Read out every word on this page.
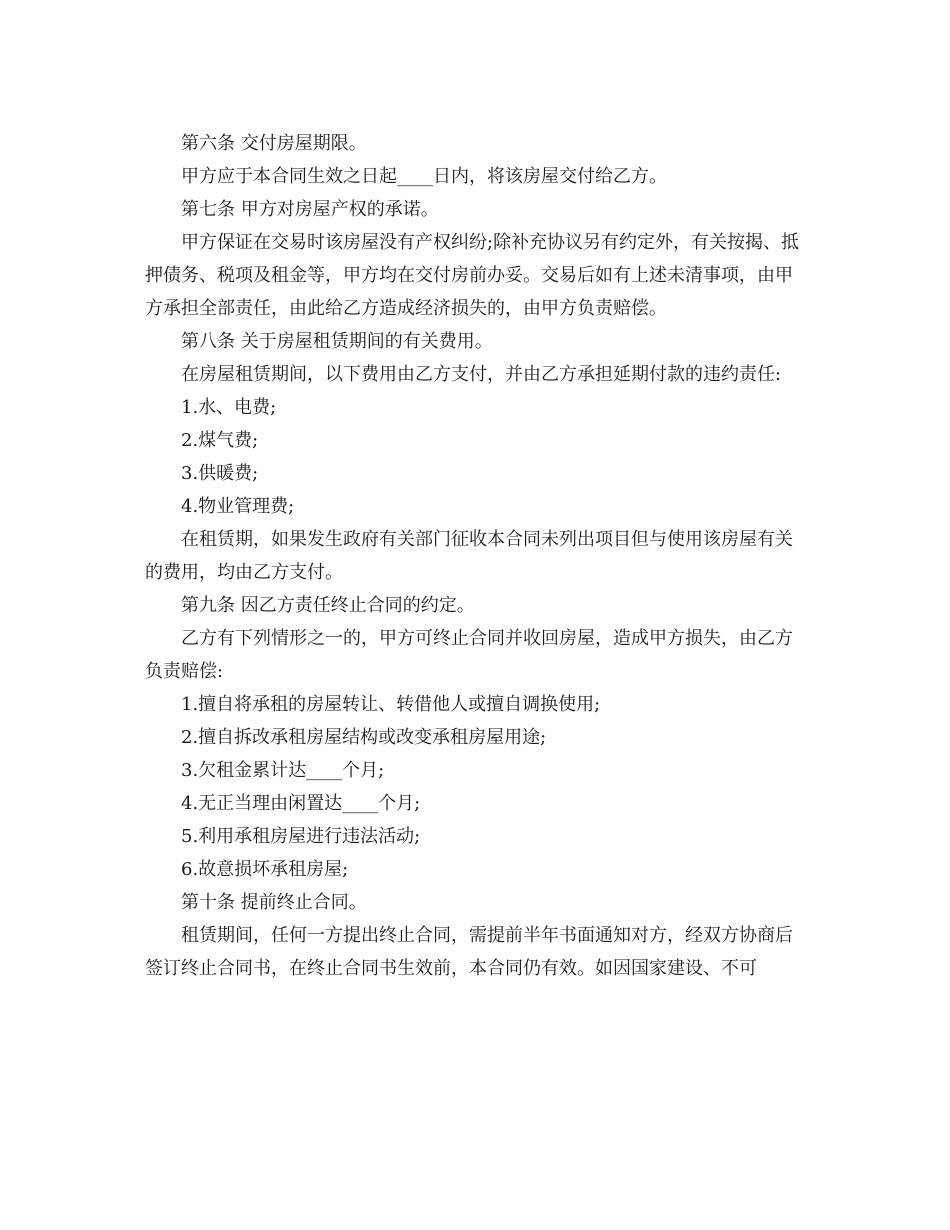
第六条 交付房屋期限。

甲方应于本合同生效之日起____日内，将该房屋交付给乙方。

第七条 甲方对房屋产权的承诺。

甲方保证在交易时该房屋没有产权纠纷;除补充协议另有约定外，有关按揭、抵押债务、税项及租金等，甲方均在交付房前办妥。交易后如有上述未清事项，由甲方承担全部责任，由此给乙方造成经济损失的，由甲方负责赔偿。

第八条 关于房屋租赁期间的有关费用。

在房屋租赁期间，以下费用由乙方支付，并由乙方承担延期付款的违约责任:

1.水、电费;

2.煤气费;

3.供暖费;

4.物业管理费;

在租赁期，如果发生政府有关部门征收本合同未列出项目但与使用该房屋有关的费用，均由乙方支付。

第九条 因乙方责任终止合同的约定。

乙方有下列情形之一的，甲方可终止合同并收回房屋，造成甲方损失，由乙方负责赔偿:

1.擅自将承租的房屋转让、转借他人或擅自调换使用;

2.擅自拆改承租房屋结构或改变承租房屋用途;

3.欠租金累计达____个月;

4.无正当理由闲置达____个月;

5.利用承租房屋进行违法活动;

6.故意损坏承租房屋;

第十条 提前终止合同。

租赁期间，任何一方提出终止合同，需提前半年书面通知对方，经双方协商后签订终止合同书，在终止合同书生效前，本合同仍有效。如因国家建设、不可
